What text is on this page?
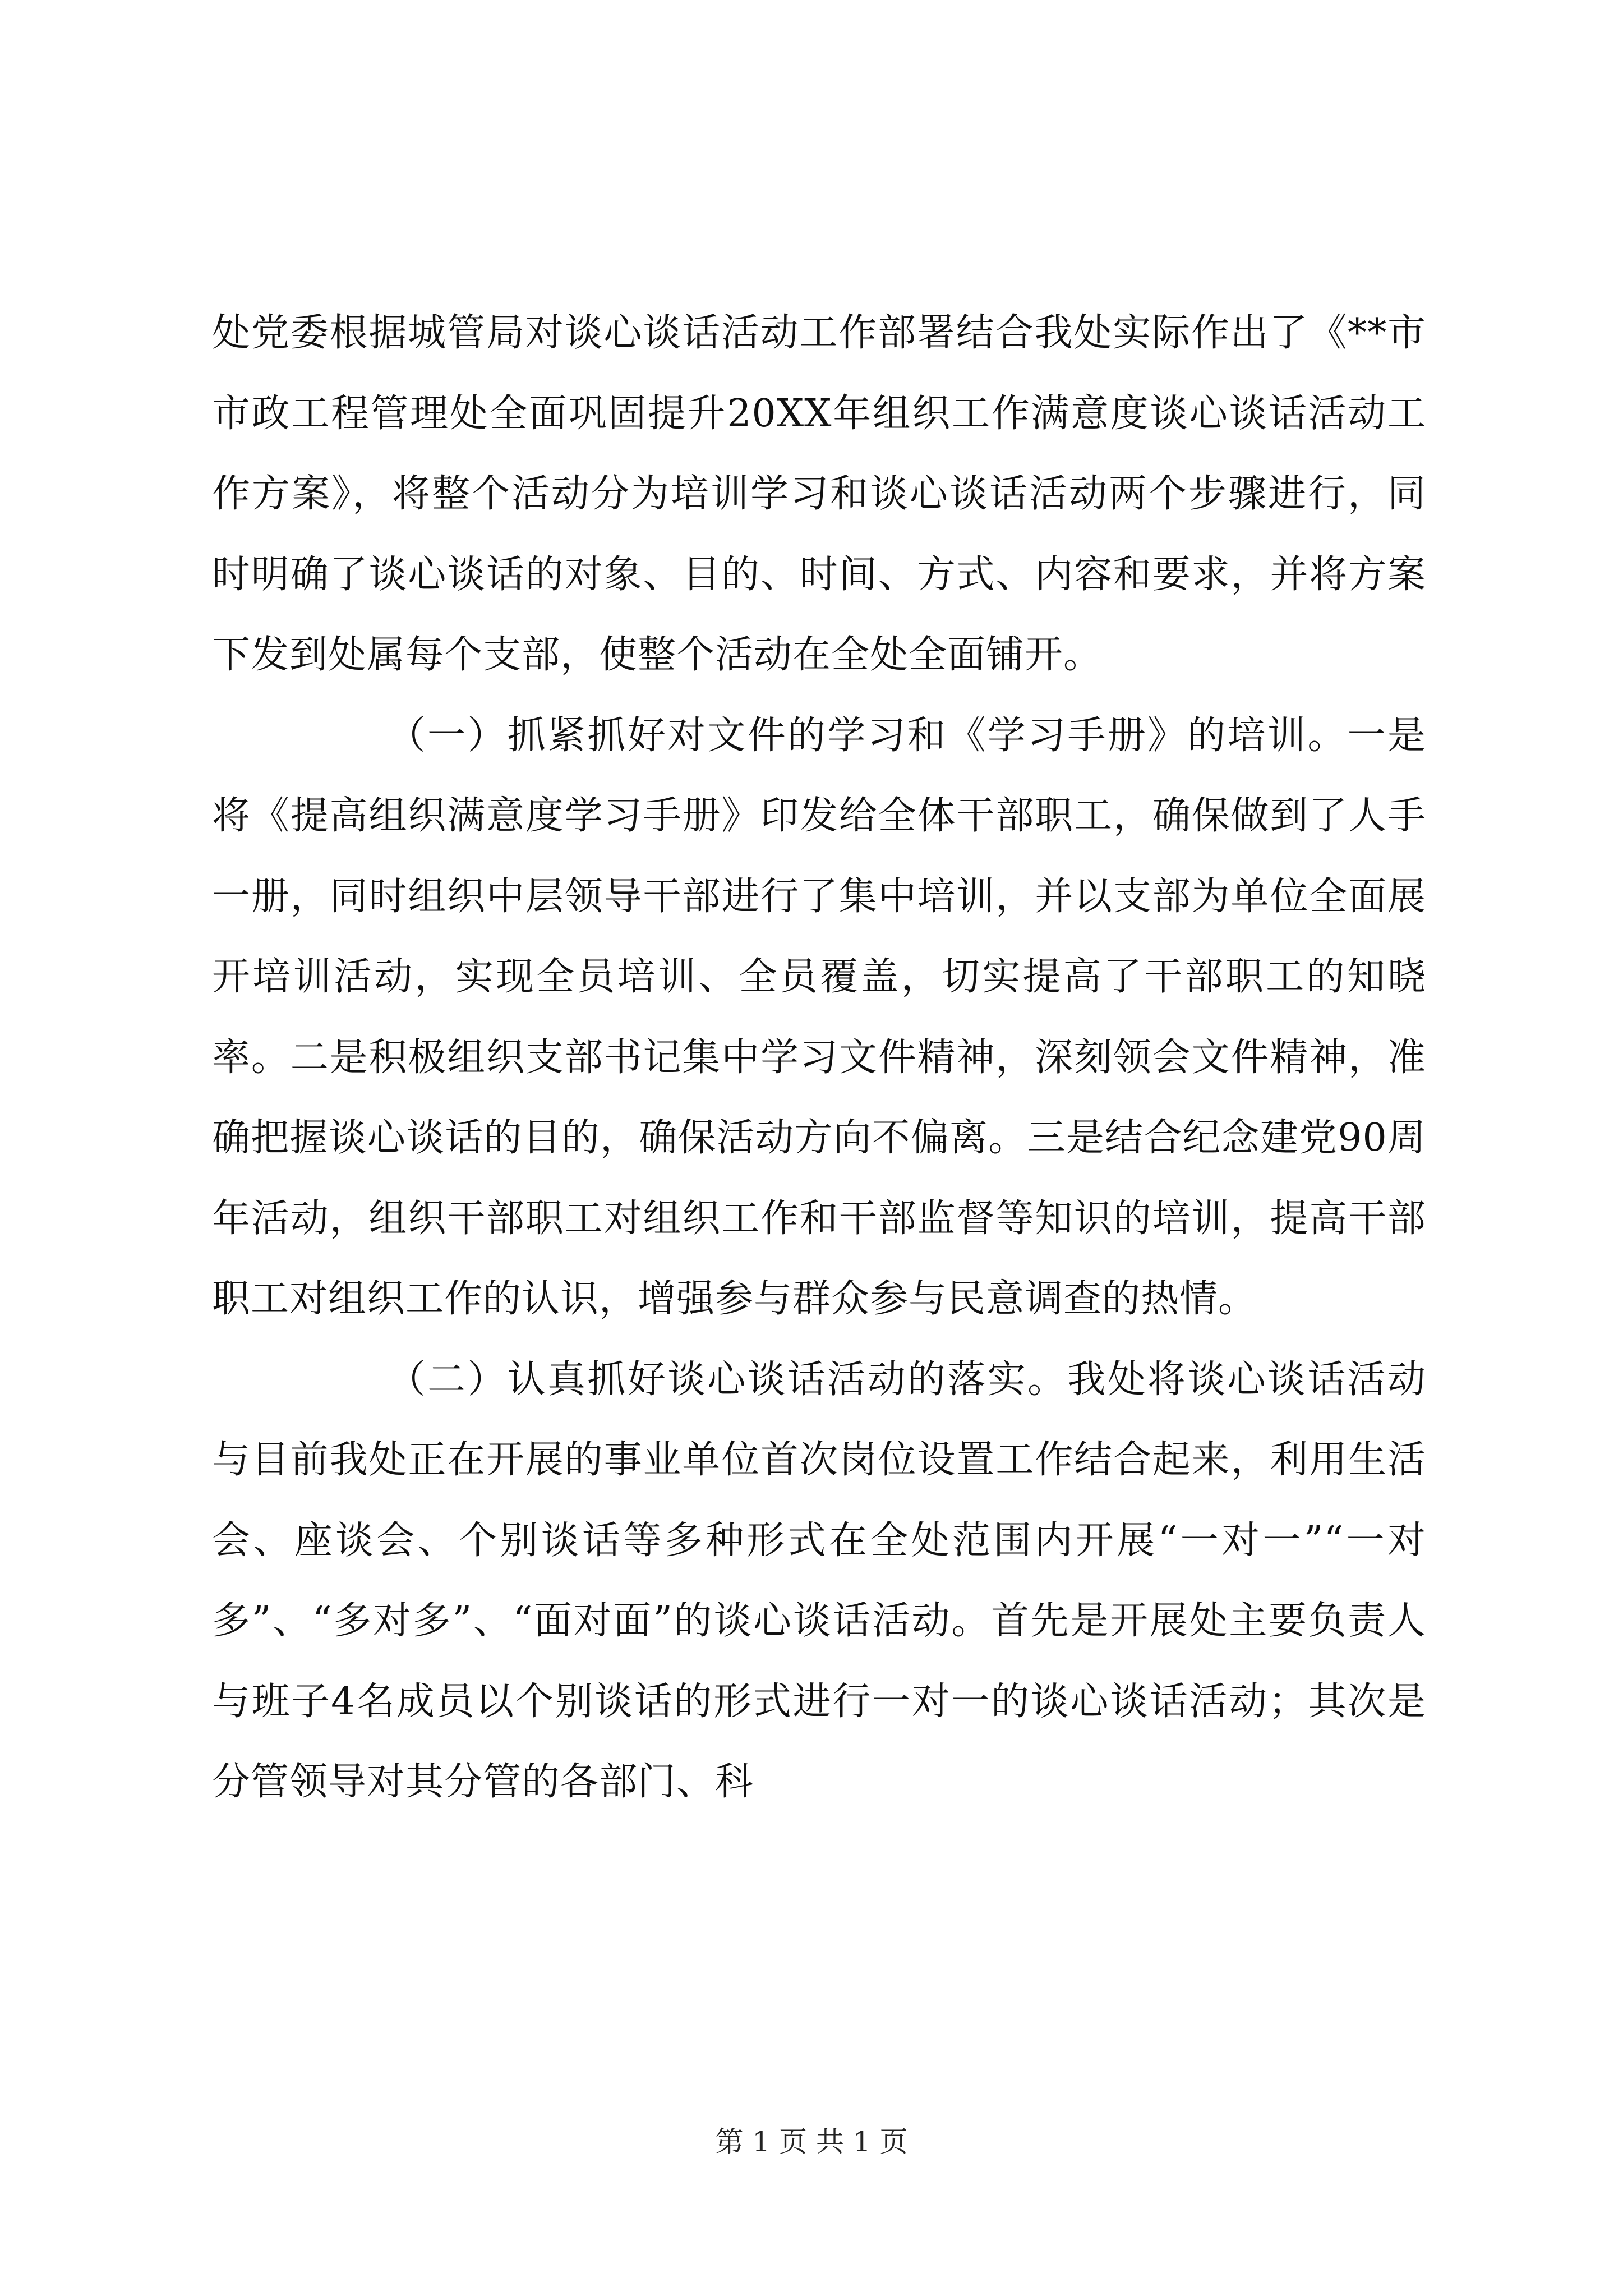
处党委根据城管局对谈心谈话活动工作部署结合我处实际作出了《**市市政工程管理处全面巩固提升20XX年组织工作满意度谈心谈话活动工作方案》，将整个活动分为培训学习和谈心谈话活动两个步骤进行，同时明确了谈心谈话的对象、目的、时间、方式、内容和要求，并将方案下发到处属每个支部，使整个活动在全处全面铺开。

（一）抓紧抓好对文件的学习和《学习手册》的培训。一是将《提高组织满意度学习手册》印发给全体干部职工，确保做到了人手一册，同时组织中层领导干部进行了集中培训，并以支部为单位全面展开培训活动，实现全员培训、全员覆盖，切实提高了干部职工的知晓率。二是积极组织支部书记集中学习文件精神，深刻领会文件精神，准确把握谈心谈话的目的，确保活动方向不偏离。三是结合纪念建党90周年活动，组织干部职工对组织工作和干部监督等知识的培训，提高干部职工对组织工作的认识，增强参与群众参与民意调查的热情。

（二）认真抓好谈心谈话活动的落实。我处将谈心谈话活动与目前我处正在开展的事业单位首次岗位设置工作结合起来，利用生活会、座谈会、个别谈话等多种形式在全处范围内开展“一对一”“一对多”、“多对多”、“面对面”的谈心谈话活动。首先是开展处主要负责人与班子4名成员以个别谈话的形式进行一对一的谈心谈话活动；其次是分管领导对其分管的各部门、科

第 1 页 共 1 页
